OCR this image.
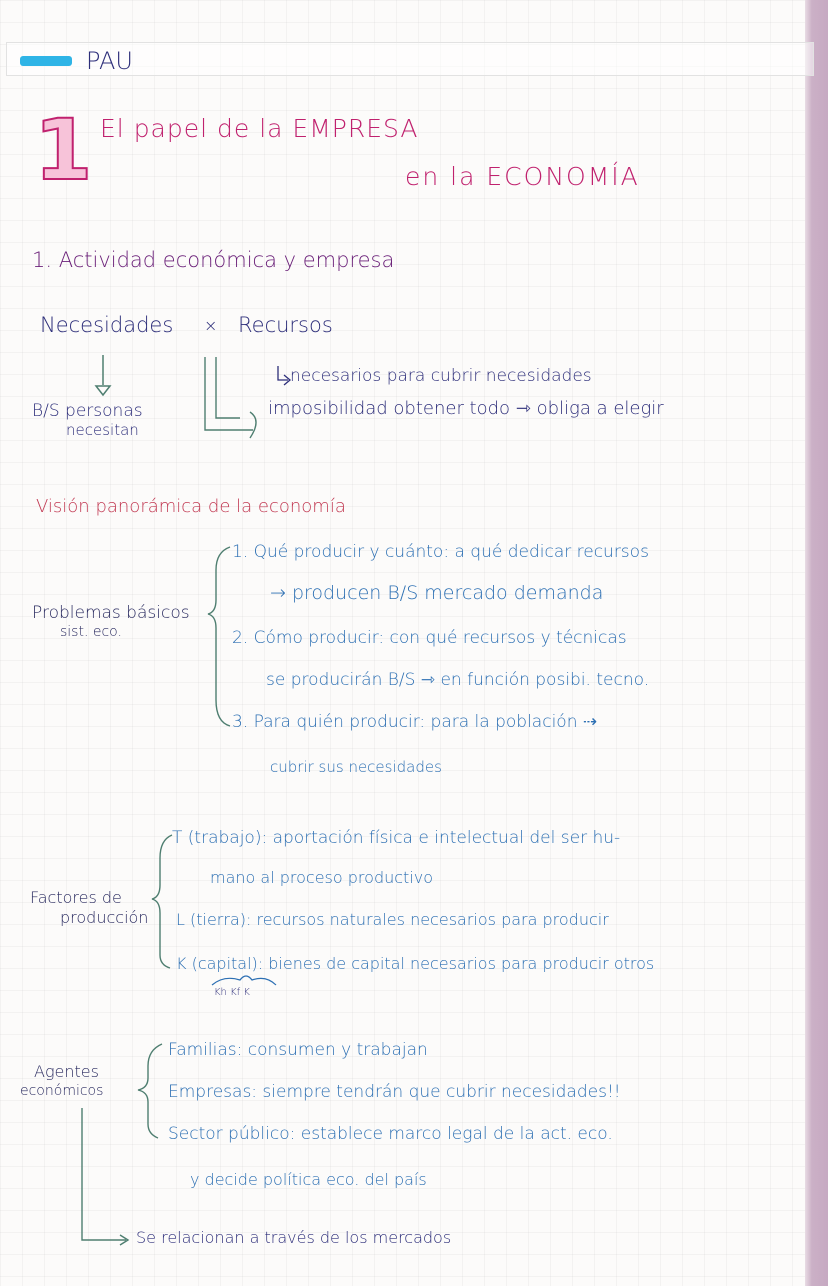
PAU
1 El papel de la EMPRESA
en la ECONOMÍA
1. Actividad económica y empresa
Necesidades × Recursos
necesarios para cubrir necesidades
B/S personas
necesitan
imposibilidad obtener todo ⇾ obliga a elegir
Visión panorámica de la economía
Problemas básicos
sist. eco.
1. Qué producir y cuánto: a qué dedicar recursos
→ producen B/S mercado demanda
2. Cómo producir: con qué recursos y técnicas
se producirán B/S ⇾ en función posibi. tecno.
3. Para quién producir: para la población ⇢
cubrir sus necesidades
Factores de
producción
T (trabajo): aportación física e intelectual del ser hu-
mano al proceso productivo
L (tierra): recursos naturales necesarios para producir
K (capital): bienes de capital necesarios para producir otros
Kh Kf K
Agentes
económicos
Familias: consumen y trabajan
Empresas: siempre tendrán que cubrir necesidades!!
Sector público: establece marco legal de la act. eco.
y decide política eco. del país
Se relacionan a través de los mercados
